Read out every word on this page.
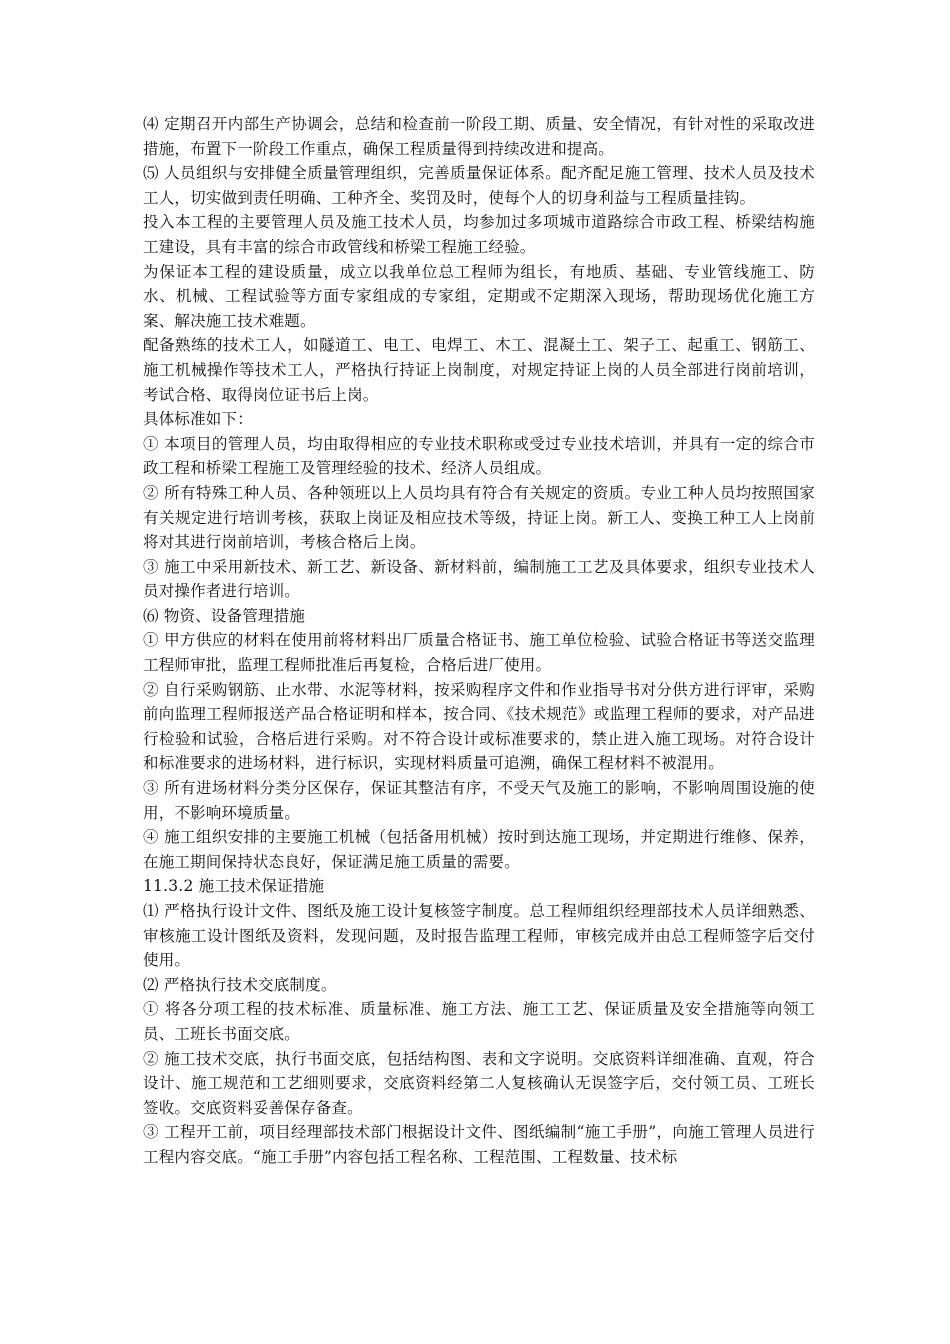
⑷ 定期召开内部生产协调会，总结和检查前一阶段工期、质量、安全情况，有针对性的采取改进措施，布置下一阶段工作重点，确保工程质量得到持续改进和提高。

⑸ 人员组织与安排健全质量管理组织，完善质量保证体系。配齐配足施工管理、技术人员及技术工人，切实做到责任明确、工种齐全、奖罚及时，使每个人的切身利益与工程质量挂钩。

投入本工程的主要管理人员及施工技术人员，均参加过多项城市道路综合市政工程、桥梁结构施工建设，具有丰富的综合市政管线和桥梁工程施工经验。

为保证本工程的建设质量，成立以我单位总工程师为组长，有地质、基础、专业管线施工、防水、机械、工程试验等方面专家组成的专家组，定期或不定期深入现场，帮助现场优化施工方案、解决施工技术难题。

配备熟练的技术工人，如隧道工、电工、电焊工、木工、混凝土工、架子工、起重工、钢筋工、施工机械操作等技术工人，严格执行持证上岗制度，对规定持证上岗的人员全部进行岗前培训，考试合格、取得岗位证书后上岗。

具体标准如下：

① 本项目的管理人员，均由取得相应的专业技术职称或受过专业技术培训，并具有一定的综合市政工程和桥梁工程施工及管理经验的技术、经济人员组成。

② 所有特殊工种人员、各种领班以上人员均具有符合有关规定的资质。专业工种人员均按照国家有关规定进行培训考核，获取上岗证及相应技术等级，持证上岗。新工人、变换工种工人上岗前将对其进行岗前培训，考核合格后上岗。

③ 施工中采用新技术、新工艺、新设备、新材料前，编制施工工艺及具体要求，组织专业技术人员对操作者进行培训。

⑹ 物资、设备管理措施

① 甲方供应的材料在使用前将材料出厂质量合格证书、施工单位检验、试验合格证书等送交监理工程师审批，监理工程师批准后再复检，合格后进厂使用。

② 自行采购钢筋、止水带、水泥等材料，按采购程序文件和作业指导书对分供方进行评审，采购前向监理工程师报送产品合格证明和样本，按合同、《技术规范》或监理工程师的要求，对产品进行检验和试验，合格后进行采购。对不符合设计或标准要求的，禁止进入施工现场。对符合设计和标准要求的进场材料，进行标识，实现材料质量可追溯，确保工程材料不被混用。

③ 所有进场材料分类分区保存，保证其整洁有序，不受天气及施工的影响，不影响周围设施的使用，不影响环境质量。

④ 施工组织安排的主要施工机械（包括备用机械）按时到达施工现场，并定期进行维修、保养，在施工期间保持状态良好，保证满足施工质量的需要。

11.3.2 施工技术保证措施

⑴ 严格执行设计文件、图纸及施工设计复核签字制度。总工程师组织经理部技术人员详细熟悉、审核施工设计图纸及资料，发现问题，及时报告监理工程师，审核完成并由总工程师签字后交付使用。

⑵ 严格执行技术交底制度。

① 将各分项工程的技术标准、质量标准、施工方法、施工工艺、保证质量及安全措施等向领工员、工班长书面交底。

② 施工技术交底，执行书面交底，包括结构图、表和文字说明。交底资料详细准确、直观，符合设计、施工规范和工艺细则要求，交底资料经第二人复核确认无误签字后，交付领工员、工班长签收。交底资料妥善保存备查。

③ 工程开工前，项目经理部技术部门根据设计文件、图纸编制“施工手册”，向施工管理人员进行工程内容交底。“施工手册”内容包括工程名称、工程范围、工程数量、技术标
